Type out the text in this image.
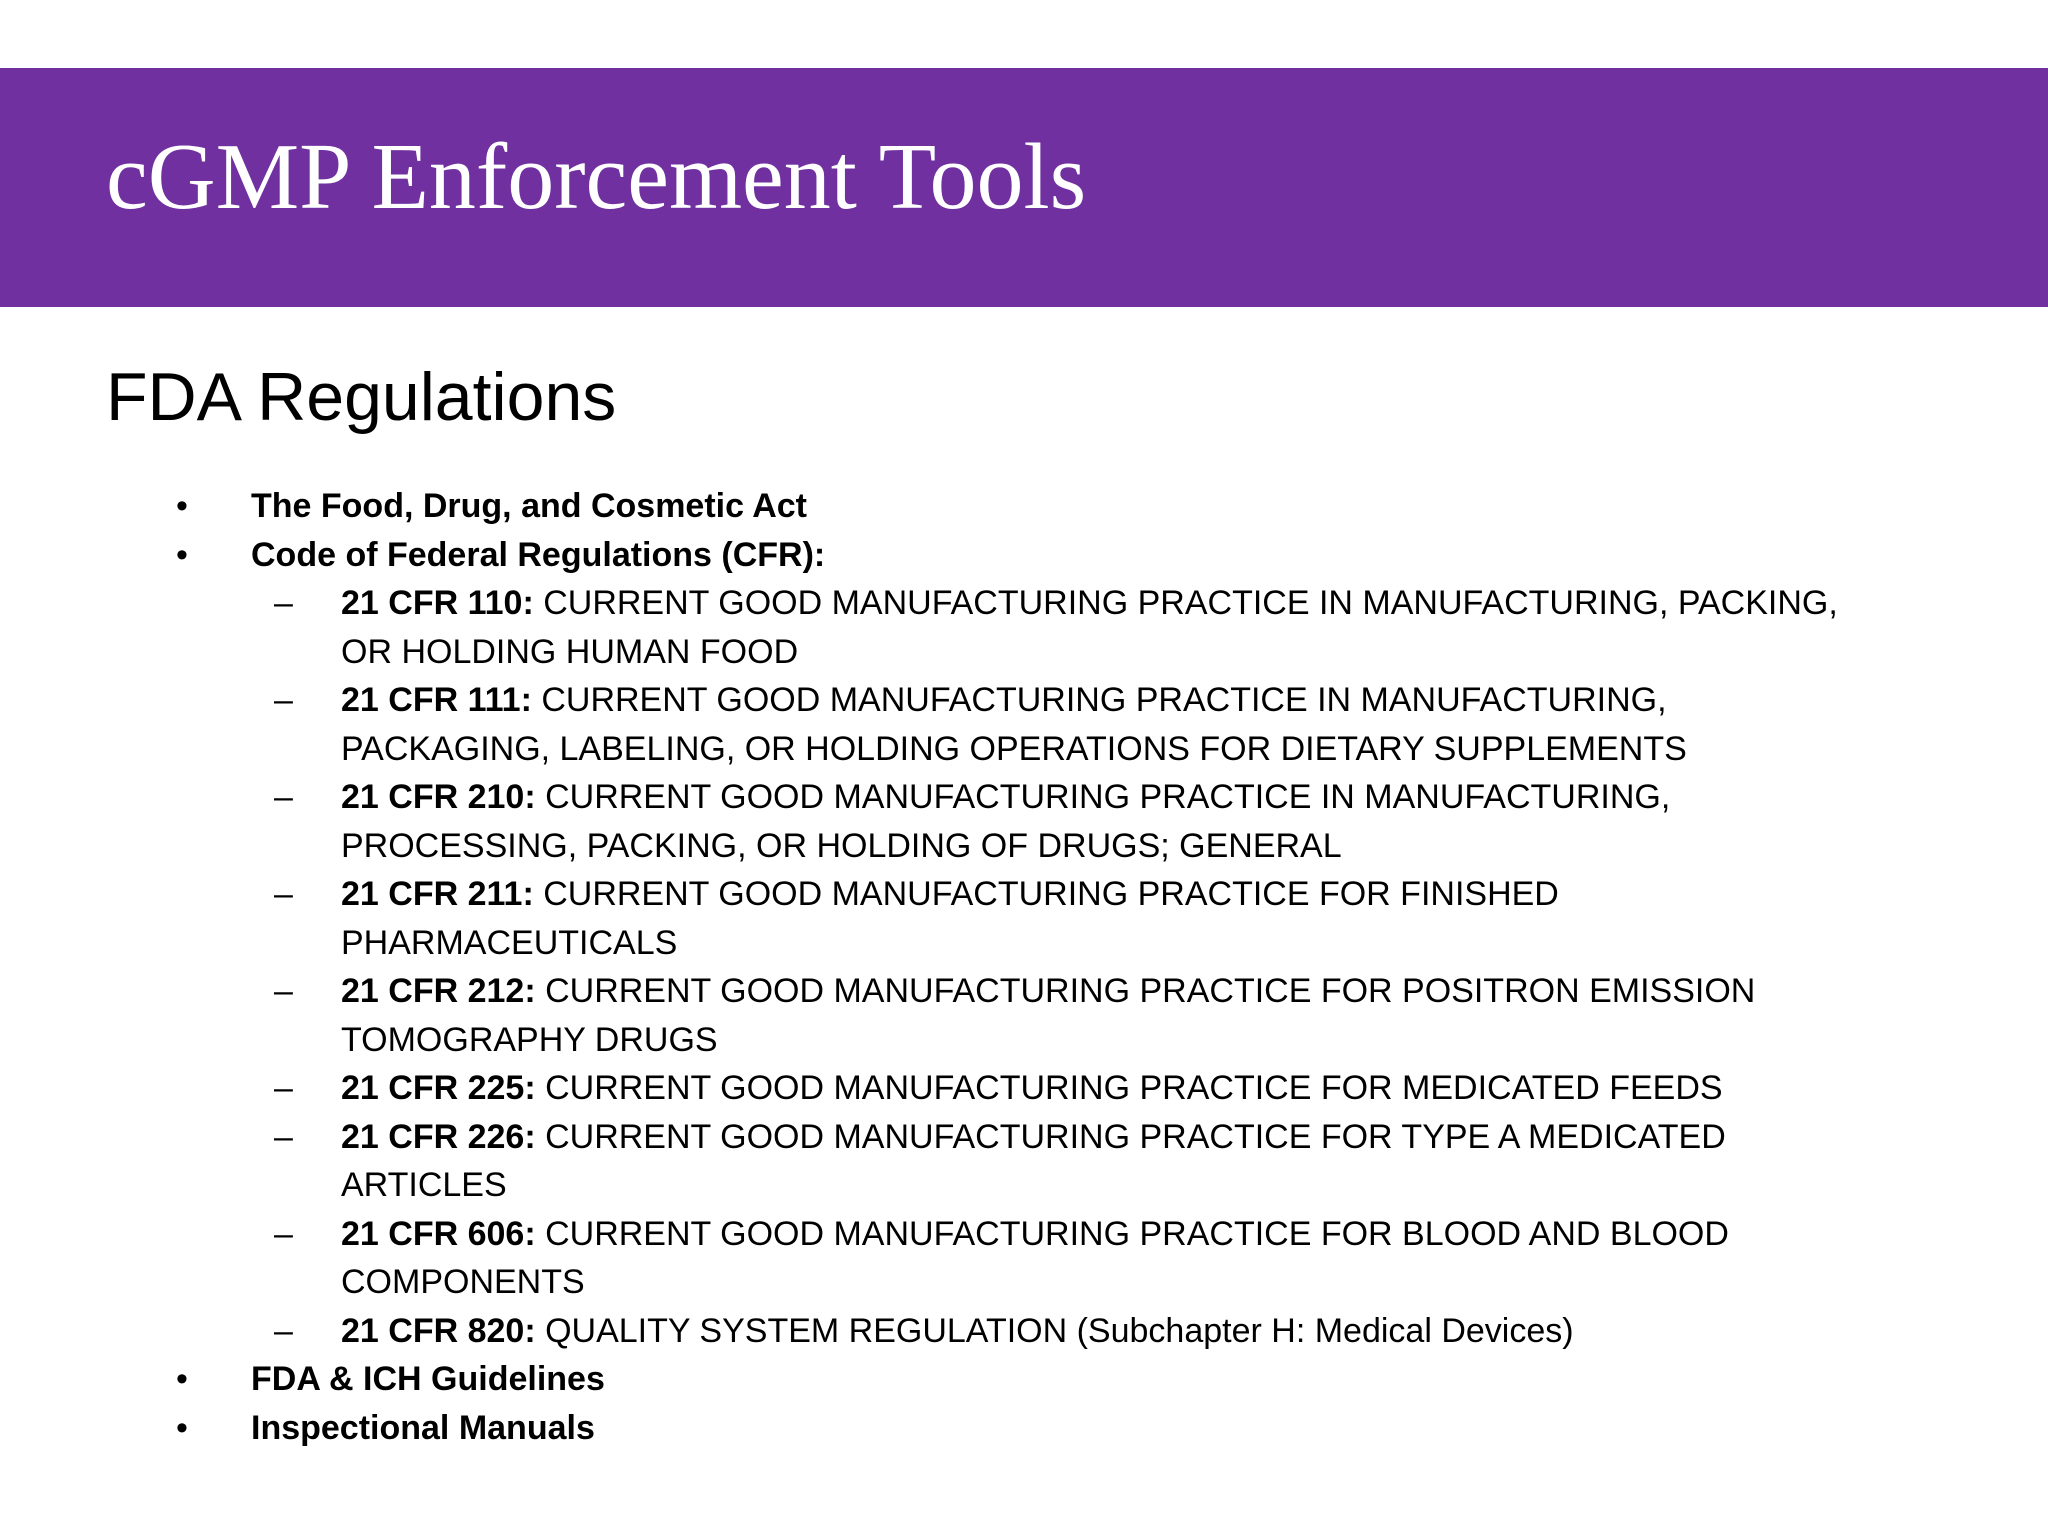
cGMP Enforcement Tools
FDA Regulations
• The Food, Drug, and Cosmetic Act
• Code of Federal Regulations (CFR):
– 21 CFR 110: CURRENT GOOD MANUFACTURING PRACTICE IN MANUFACTURING, PACKING, OR HOLDING HUMAN FOOD
– 21 CFR 111: CURRENT GOOD MANUFACTURING PRACTICE IN MANUFACTURING, PACKAGING, LABELING, OR HOLDING OPERATIONS FOR DIETARY SUPPLEMENTS
– 21 CFR 210: CURRENT GOOD MANUFACTURING PRACTICE IN MANUFACTURING, PROCESSING, PACKING, OR HOLDING OF DRUGS; GENERAL
– 21 CFR 211: CURRENT GOOD MANUFACTURING PRACTICE FOR FINISHED PHARMACEUTICALS
– 21 CFR 212: CURRENT GOOD MANUFACTURING PRACTICE FOR POSITRON EMISSION TOMOGRAPHY DRUGS
– 21 CFR 225: CURRENT GOOD MANUFACTURING PRACTICE FOR MEDICATED FEEDS
– 21 CFR 226: CURRENT GOOD MANUFACTURING PRACTICE FOR TYPE A MEDICATED ARTICLES
– 21 CFR 606: CURRENT GOOD MANUFACTURING PRACTICE FOR BLOOD AND BLOOD COMPONENTS
– 21 CFR 820: QUALITY SYSTEM REGULATION (Subchapter H: Medical Devices)
• FDA & ICH Guidelines
• Inspectional Manuals
